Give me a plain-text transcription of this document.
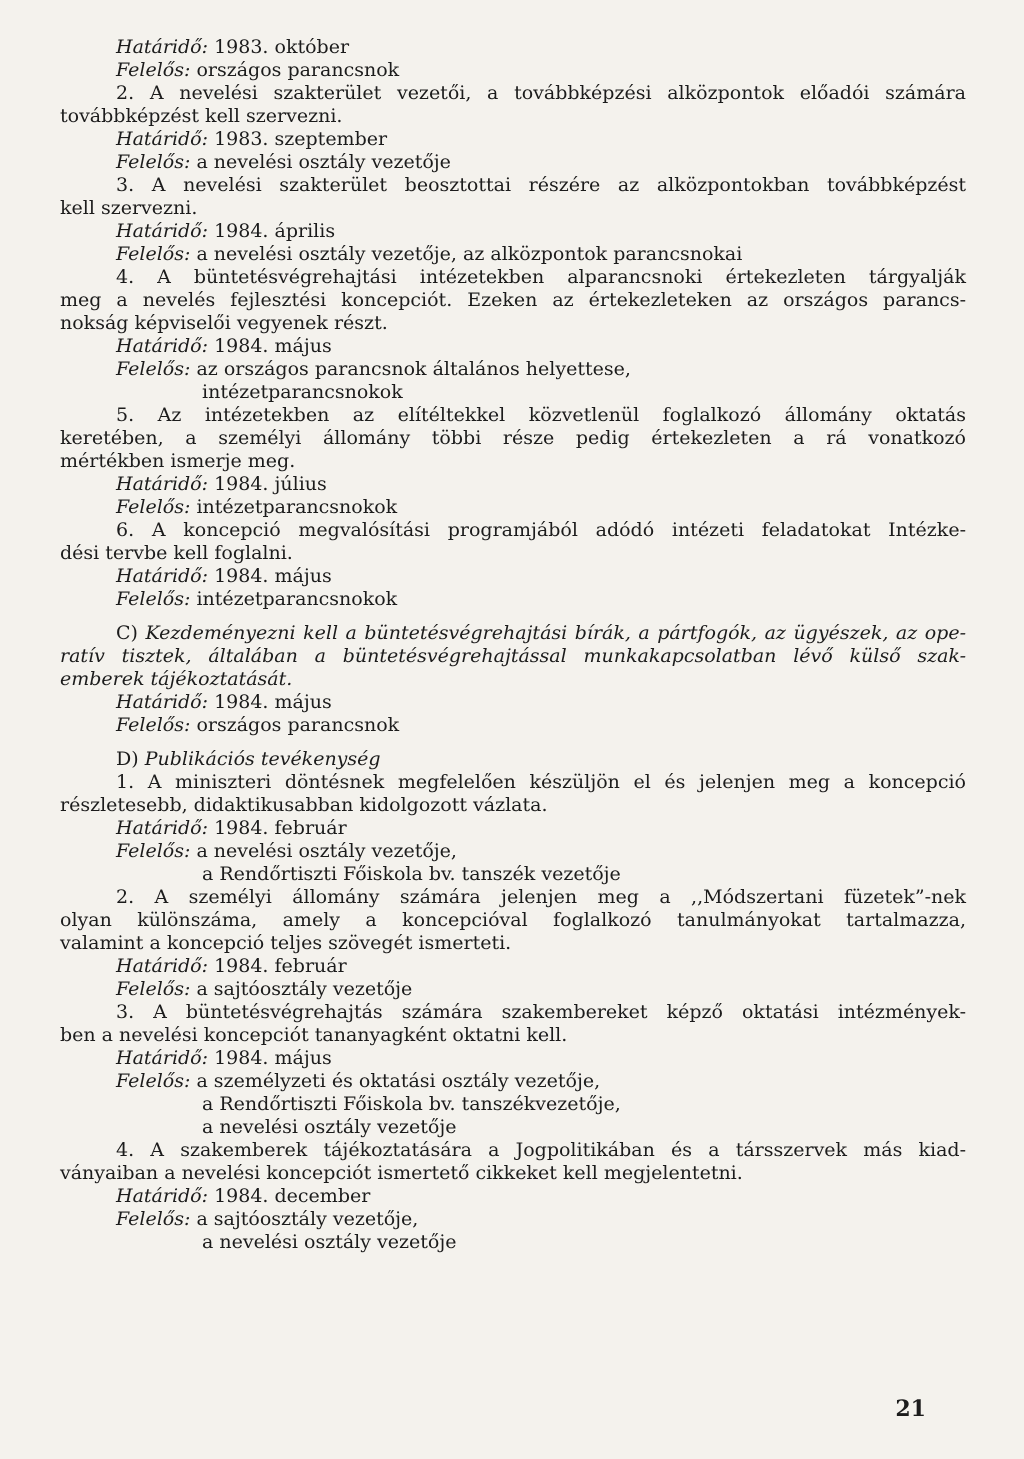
Határidő: 1983. október
Felelős: országos parancsnok
2. A nevelési szakterület vezetői, a továbbképzési alközpontok előadói számára
továbbképzést kell szervezni.
Határidő: 1983. szeptember
Felelős: a nevelési osztály vezetője
3. A nevelési szakterület beosztottai részére az alközpontokban továbbképzést
kell szervezni.
Határidő: 1984. április
Felelős: a nevelési osztály vezetője, az alközpontok parancsnokai
4. A büntetésvégrehajtási intézetekben alparancsnoki értekezleten tárgyalják
meg a nevelés fejlesztési koncepciót. Ezeken az értekezleteken az országos parancs-
nokság képviselői vegyenek részt.
Határidő: 1984. május
Felelős: az országos parancsnok általános helyettese,
intézetparancsnokok
5. Az intézetekben az elítéltekkel közvetlenül foglalkozó állomány oktatás
keretében, a személyi állomány többi része pedig értekezleten a rá vonatkozó
mértékben ismerje meg.
Határidő: 1984. július
Felelős: intézetparancsnokok
6. A koncepció megvalósítási programjából adódó intézeti feladatokat Intézke-
dési tervbe kell foglalni.
Határidő: 1984. május
Felelős: intézetparancsnokok
C) Kezdeményezni kell a büntetésvégrehajtási bírák, a pártfogók, az ügyészek, az ope-
ratív tisztek, általában a büntetésvégrehajtással munkakapcsolatban lévő külső szak-
emberek tájékoztatását.
Határidő: 1984. május
Felelős: országos parancsnok
D) Publikációs tevékenység
1. A miniszteri döntésnek megfelelően készüljön el és jelenjen meg a koncepció
részletesebb, didaktikusabban kidolgozott vázlata.
Határidő: 1984. február
Felelős: a nevelési osztály vezetője,
a Rendőrtiszti Főiskola bv. tanszék vezetője
2. A személyi állomány számára jelenjen meg a ,,Módszertani füzetek”-nek
olyan különszáma, amely a koncepcióval foglalkozó tanulmányokat tartalmazza,
valamint a koncepció teljes szövegét ismerteti.
Határidő: 1984. február
Felelős: a sajtóosztály vezetője
3. A büntetésvégrehajtás számára szakembereket képző oktatási intézmények-
ben a nevelési koncepciót tananyagként oktatni kell.
Határidő: 1984. május
Felelős: a személyzeti és oktatási osztály vezetője,
a Rendőrtiszti Főiskola bv. tanszékvezetője,
a nevelési osztály vezetője
4. A szakemberek tájékoztatására a Jogpolitikában és a társszervek más kiad-
ványaiban a nevelési koncepciót ismertető cikkeket kell megjelentetni.
Határidő: 1984. december
Felelős: a sajtóosztály vezetője,
a nevelési osztály vezetője
21
